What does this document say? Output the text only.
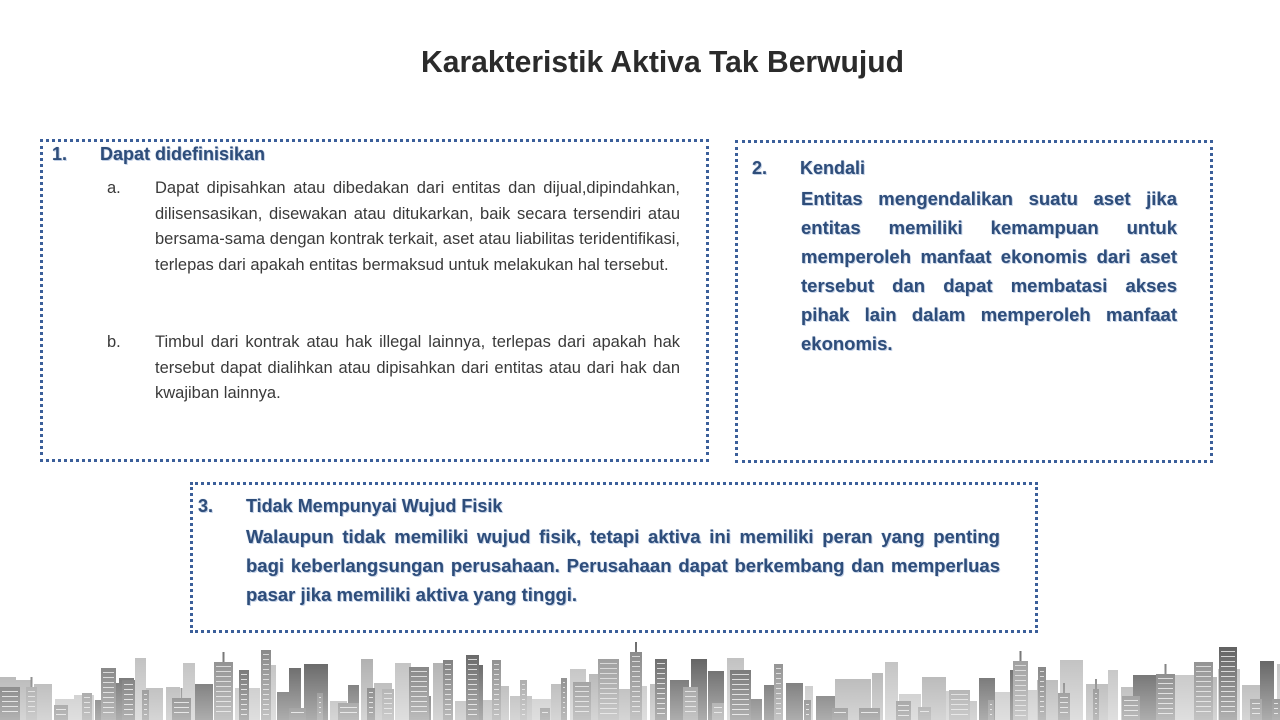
Karakteristik Aktiva Tak Berwujud
1. Dapat didefinisikan
a. Dapat dipisahkan atau dibedakan dari entitas dan dijual,dipindahkan, dilisensasikan, disewakan atau ditukarkan, baik secara tersendiri atau bersama-sama dengan kontrak terkait, aset atau liabilitas teridentifikasi, terlepas dari apakah entitas bermaksud untuk melakukan hal tersebut.
b. Timbul dari kontrak atau hak illegal lainnya, terlepas dari apakah hak tersebut dapat dialihkan atau dipisahkan dari entitas atau dari hak dan kwajiban lainnya.
2. Kendali

Entitas mengendalikan suatu aset jika entitas memiliki kemampuan untuk memperoleh manfaat ekonomis dari aset tersebut dan dapat membatasi akses pihak lain dalam memperoleh manfaat ekonomis.

3. Tidak Mempunyai Wujud Fisik

Walaupun tidak memiliki wujud fisik, tetapi aktiva ini memiliki peran yang penting bagi keberlangsungan perusahaan. Perusahaan dapat berkembang dan memperluas pasar jika memiliki aktiva yang tinggi.
